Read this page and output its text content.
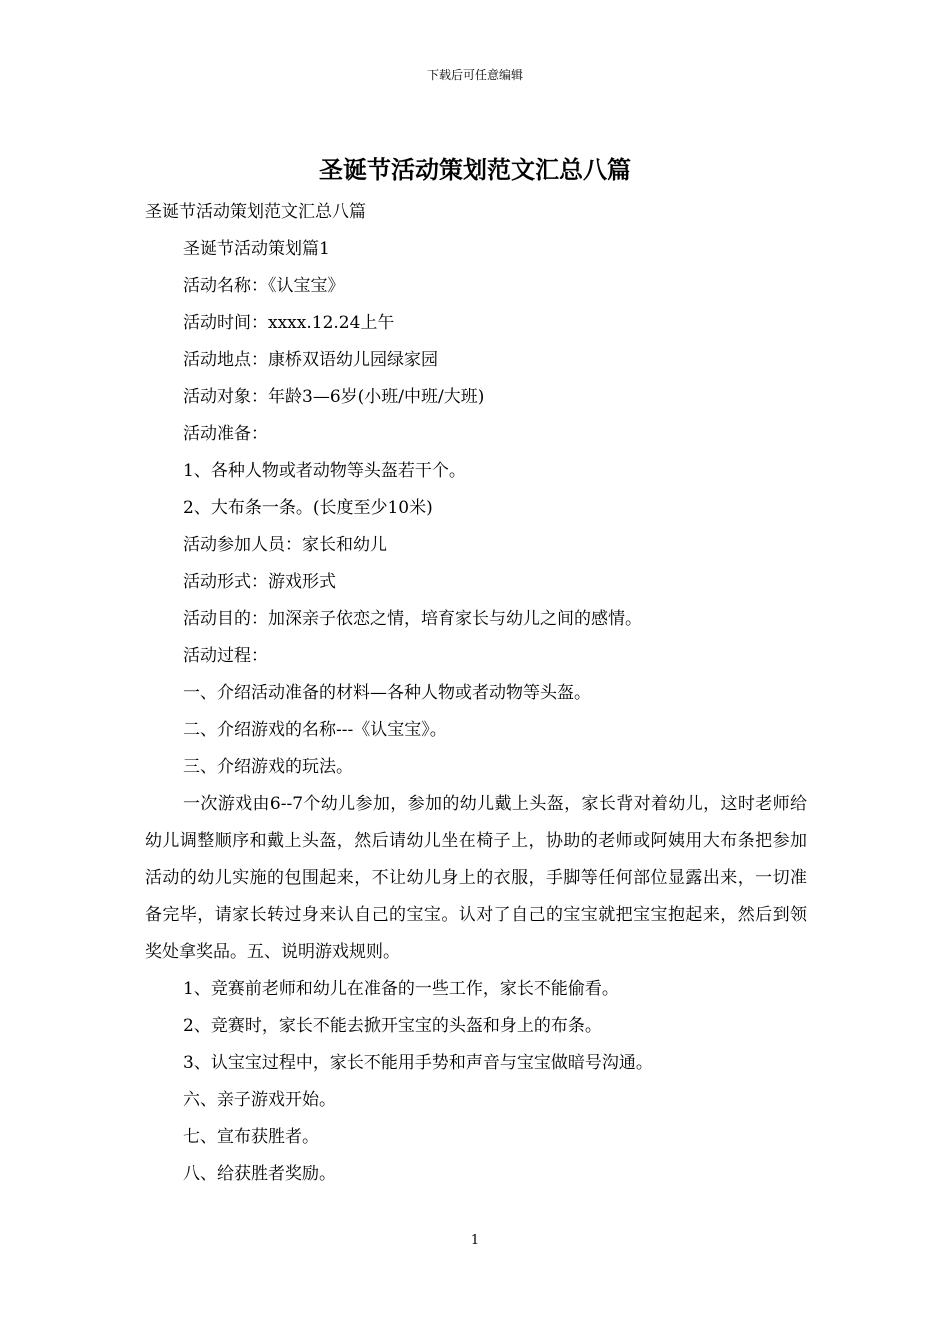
下载后可任意编辑
圣诞节活动策划范文汇总八篇

圣诞节活动策划范文汇总八篇

圣诞节活动策划篇1

活动名称：《认宝宝》

活动时间：xxxx.12.24上午

活动地点：康桥双语幼儿园绿家园

活动对象：年龄3—6岁(小班/中班/大班)

活动准备：

1、各种人物或者动物等头盔若干个。

2、大布条一条。(长度至少10米)

活动参加人员：家长和幼儿

活动形式：游戏形式

活动目的：加深亲子依恋之情，培育家长与幼儿之间的感情。

活动过程：

一、介绍活动准备的材料—各种人物或者动物等头盔。

二、介绍游戏的名称---《认宝宝》。

三、介绍游戏的玩法。

一次游戏由6--7个幼儿参加，参加的幼儿戴上头盔，家长背对着幼儿，这时老师给幼儿调整顺序和戴上头盔，然后请幼儿坐在椅子上，协助的老师或阿姨用大布条把参加活动的幼儿实施的包围起来，不让幼儿身上的衣服，手脚等任何部位显露出来，一切准备完毕，请家长转过身来认自己的宝宝。认对了自己的宝宝就把宝宝抱起来，然后到领奖处拿奖品。五、说明游戏规则。

1、竞赛前老师和幼儿在准备的一些工作，家长不能偷看。

2、竞赛时，家长不能去掀开宝宝的头盔和身上的布条。

3、认宝宝过程中，家长不能用手势和声音与宝宝做暗号沟通。

六、亲子游戏开始。

七、宣布获胜者。

八、给获胜者奖励。

1
